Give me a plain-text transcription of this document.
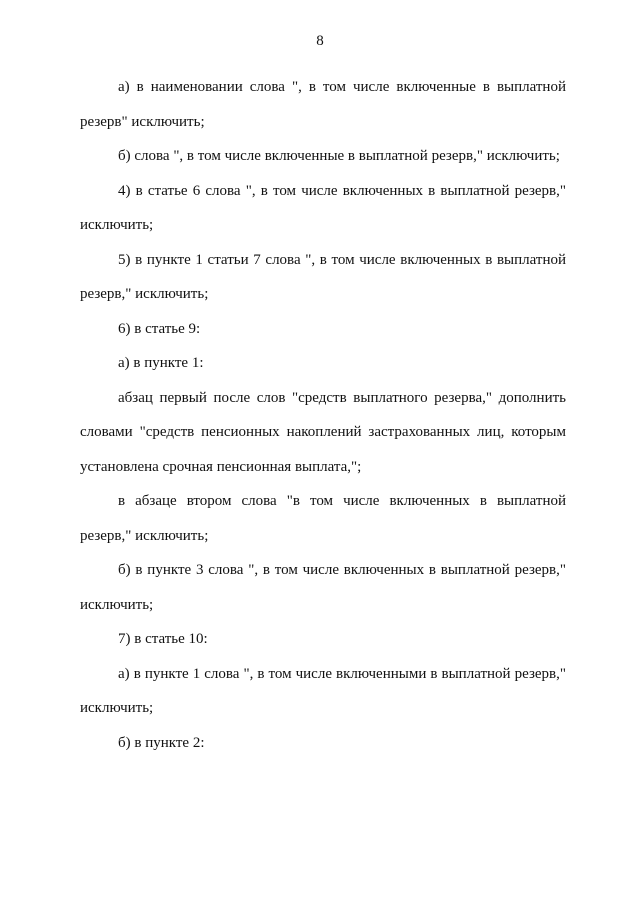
8
а) в наименовании слова ", в том числе включенные в выплатной
резерв" исключить;
б) слова ", в том числе включенные в выплатной резерв," исключить;
4) в статье 6 слова ", в том числе включенных в выплатной резерв,"
исключить;
5) в пункте 1 статьи 7 слова ", в том числе включенных в выплатной
резерв," исключить;
6) в статье 9:
а) в пункте 1:
абзац первый после слов "средств выплатного резерва," дополнить
словами "средств пенсионных накоплений застрахованных лиц, которым
установлена срочная пенсионная выплата,";
в абзаце втором слова "в том числе включенных в выплатной
резерв," исключить;
б) в пункте 3 слова ", в том числе включенных в выплатной резерв,"
исключить;
7) в статье 10:
а) в пункте 1 слова ", в том числе включенными в выплатной резерв,"
исключить;
б) в пункте 2:
